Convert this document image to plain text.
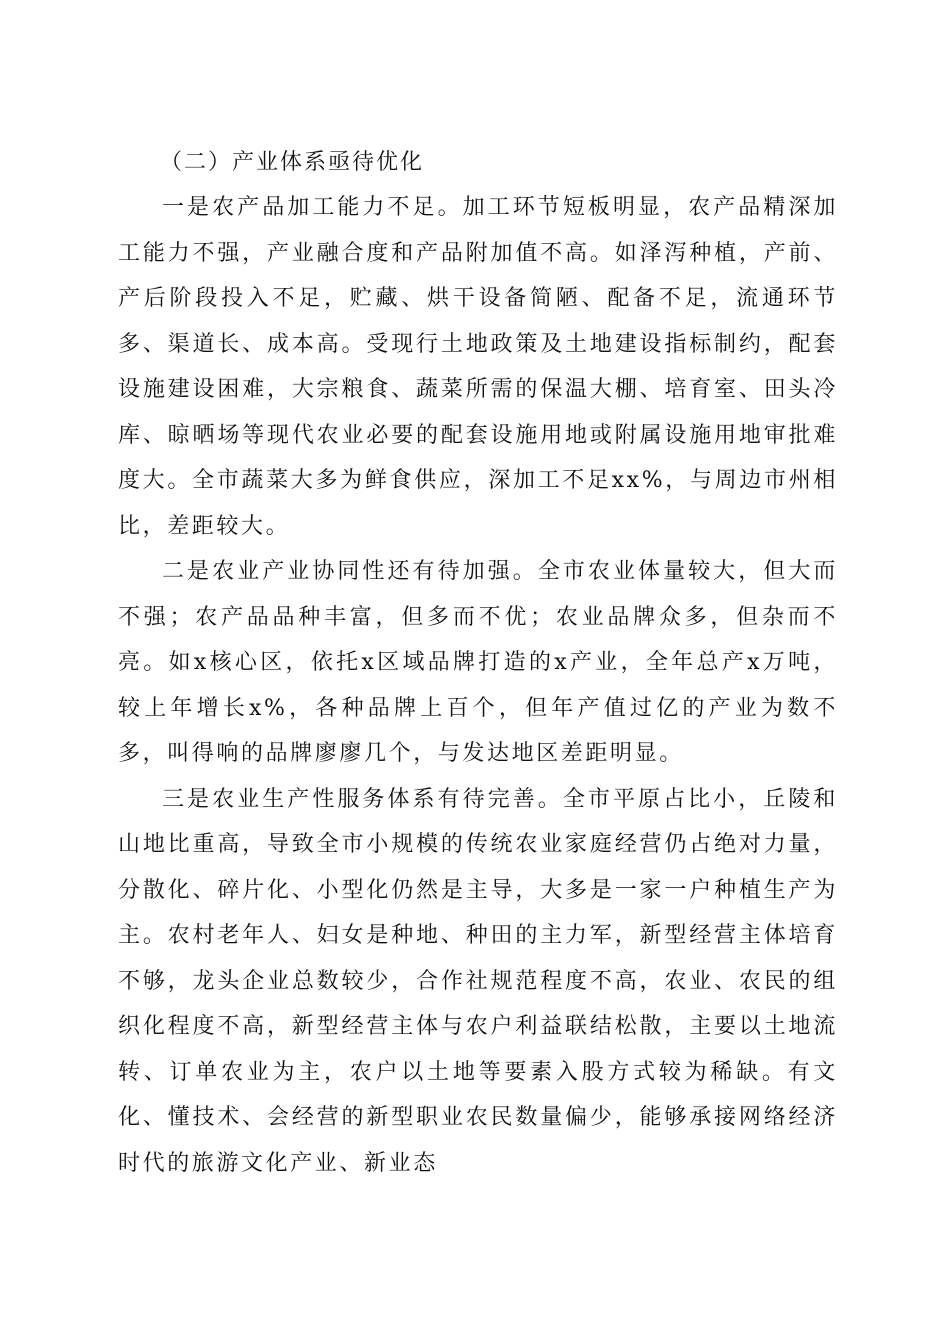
（二）产业体系亟待优化

一是农产品加工能力不足。加工环节短板明显，农产品精深加工能力不强，产业融合度和产品附加值不高。如泽泻种植，产前、产后阶段投入不足，贮藏、烘干设备简陋、配备不足，流通环节多、渠道长、成本高。受现行土地政策及土地建设指标制约，配套设施建设困难，大宗粮食、蔬菜所需的保温大棚、培育室、田头冷库、晾晒场等现代农业必要的配套设施用地或附属设施用地审批难度大。全市蔬菜大多为鲜食供应，深加工不足xx%，与周边市州相比，差距较大。

二是农业产业协同性还有待加强。全市农业体量较大，但大而不强；农产品品种丰富，但多而不优；农业品牌众多，但杂而不亮。如x核心区，依托x区域品牌打造的x产业，全年总产x万吨，较上年增长x%，各种品牌上百个，但年产值过亿的产业为数不多，叫得响的品牌廖廖几个，与发达地区差距明显。

三是农业生产性服务体系有待完善。全市平原占比小，丘陵和山地比重高，导致全市小规模的传统农业家庭经营仍占绝对力量，分散化、碎片化、小型化仍然是主导，大多是一家一户种植生产为主。农村老年人、妇女是种地、种田的主力军，新型经营主体培育不够，龙头企业总数较少，合作社规范程度不高，农业、农民的组织化程度不高，新型经营主体与农户利益联结松散，主要以土地流转、订单农业为主，农户以土地等要素入股方式较为稀缺。有文化、懂技术、会经营的新型职业农民数量偏少，能够承接网络经济时代的旅游文化产业、新业态
